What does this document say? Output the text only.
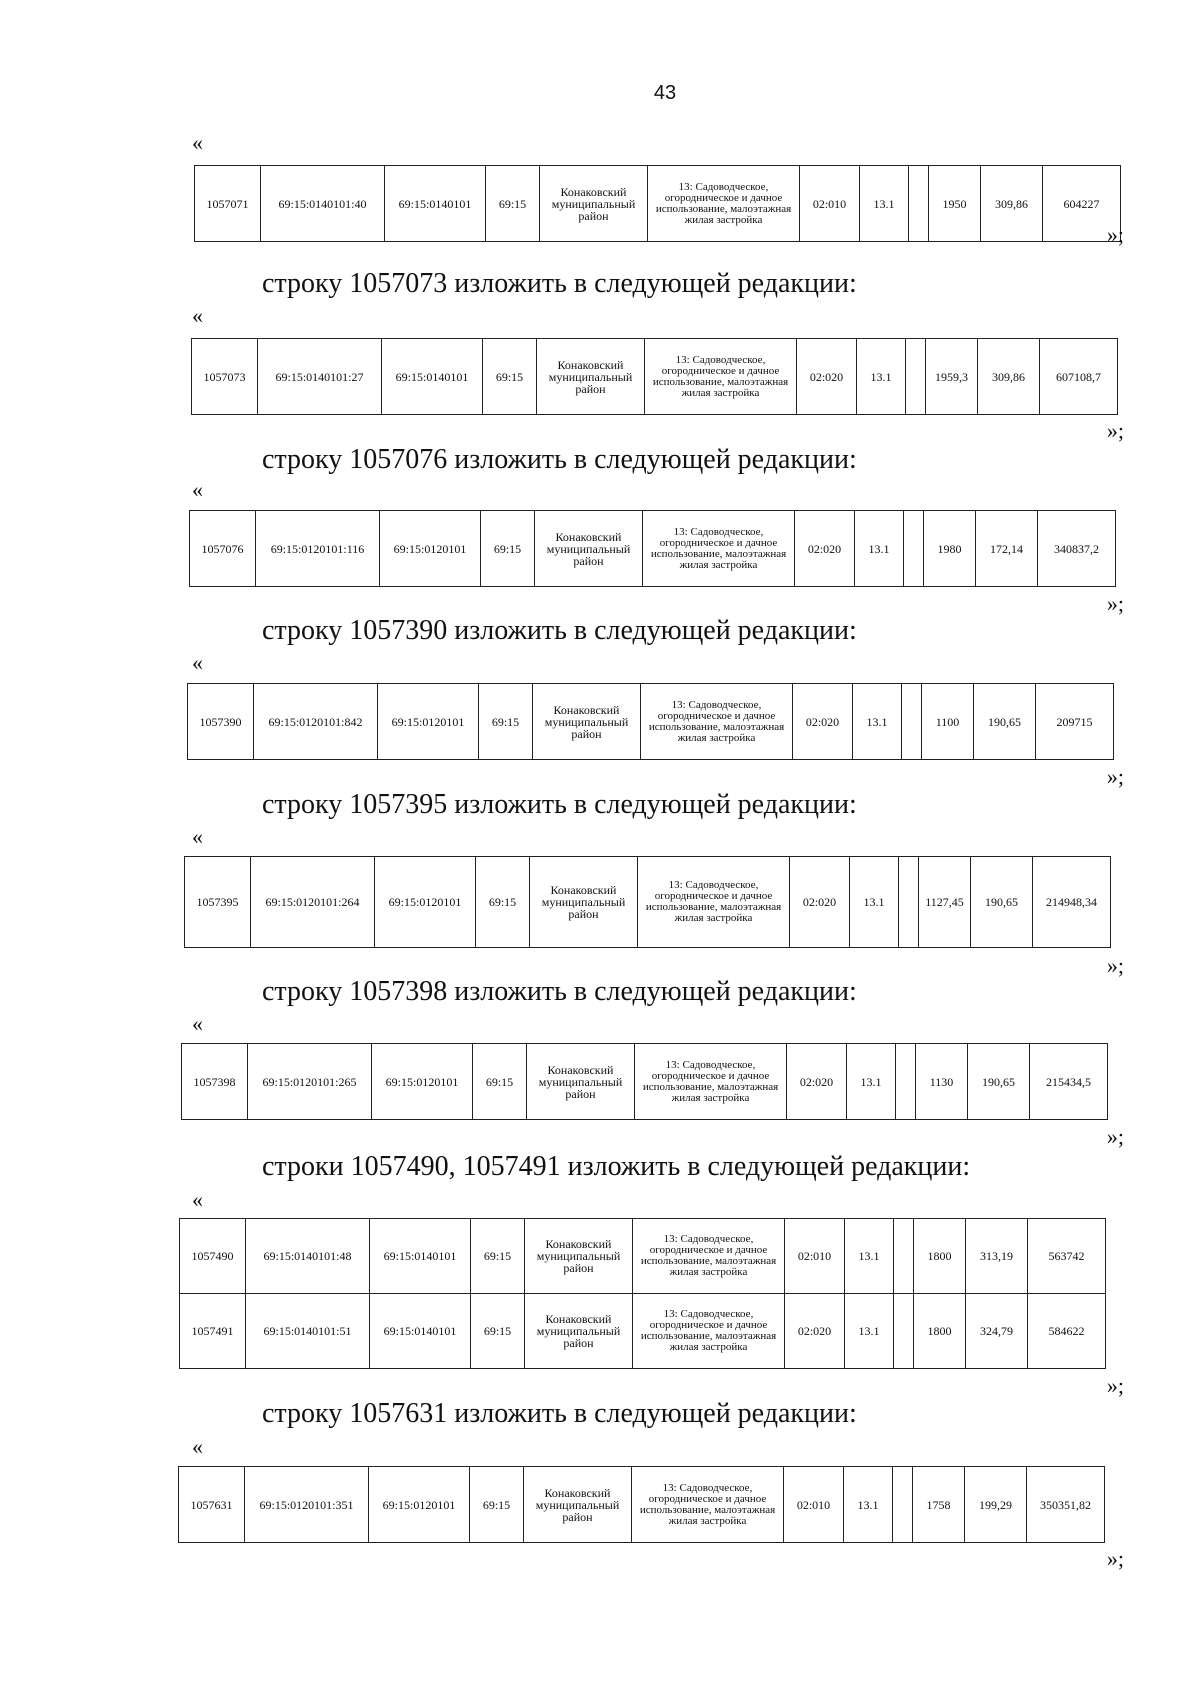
43
«
1057071	69:15:0140101:40	69:15:0140101	69:15	Конаковский муниципальный район	13: Садоводческое, огородническое и дачное использование, малоэтажная жилая застройка	02:010	13.1		1950	309,86	604227
»;
строку 1057073 изложить в следующей редакции:
«
1057073	69:15:0140101:27	69:15:0140101	69:15	Конаковский муниципальный район	13: Садоводческое, огородническое и дачное использование, малоэтажная жилая застройка	02:020	13.1		1959,3	309,86	607108,7
»;
строку 1057076 изложить в следующей редакции:
«
1057076	69:15:0120101:116	69:15:0120101	69:15	Конаковский муниципальный район	13: Садоводческое, огородническое и дачное использование, малоэтажная жилая застройка	02:020	13.1		1980	172,14	340837,2
»;
строку 1057390 изложить в следующей редакции:
«
1057390	69:15:0120101:842	69:15:0120101	69:15	Конаковский муниципальный район	13: Садоводческое, огородническое и дачное использование, малоэтажная жилая застройка	02:020	13.1		1100	190,65	209715
»;
строку 1057395 изложить в следующей редакции:
«
1057395	69:15:0120101:264	69:15:0120101	69:15	Конаковский муниципальный район	13: Садоводческое, огородническое и дачное использование, малоэтажная жилая застройка	02:020	13.1		1127,45	190,65	214948,34
»;
строку 1057398 изложить в следующей редакции:
«
1057398	69:15:0120101:265	69:15:0120101	69:15	Конаковский муниципальный район	13: Садоводческое, огородническое и дачное использование, малоэтажная жилая застройка	02:020	13.1		1130	190,65	215434,5
»;
строки 1057490, 1057491 изложить в следующей редакции:
«
1057490	69:15:0140101:48	69:15:0140101	69:15	Конаковский муниципальный район	13: Садоводческое, огородническое и дачное использование, малоэтажная жилая застройка	02:010	13.1		1800	313,19	563742
1057491	69:15:0140101:51	69:15:0140101	69:15	Конаковский муниципальный район	13: Садоводческое, огородническое и дачное использование, малоэтажная жилая застройка	02:020	13.1		1800	324,79	584622
»;
строку 1057631 изложить в следующей редакции:
«
1057631	69:15:0120101:351	69:15:0120101	69:15	Конаковский муниципальный район	13: Садоводческое, огородническое и дачное использование, малоэтажная жилая застройка	02:010	13.1		1758	199,29	350351,82
»;
